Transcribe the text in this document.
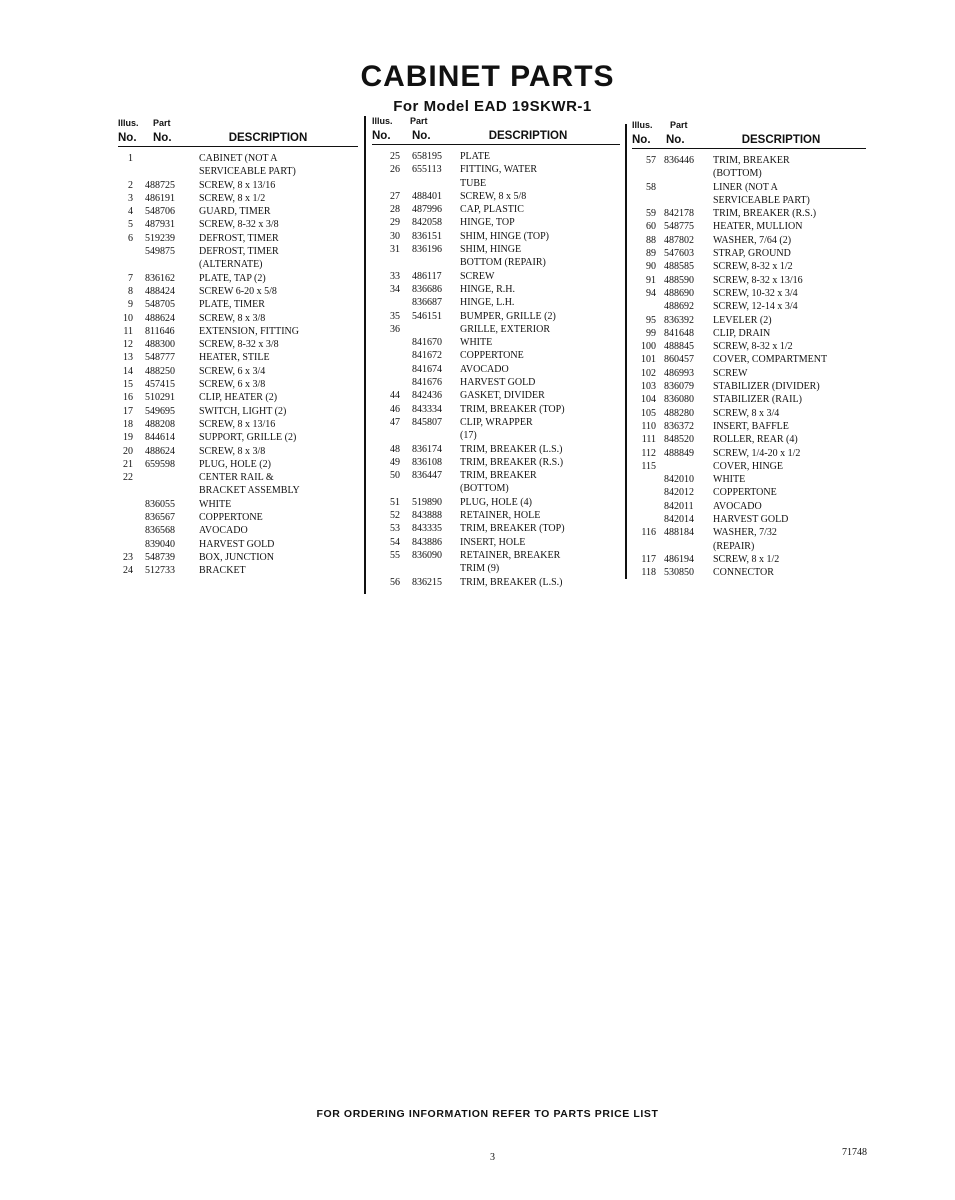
CABINET PARTS
For Model EAD 19SKWR-1
Illus. Part
No. No.	DESCRIPTION
1	CABINET (NOT A
SERVICEABLE PART)
2	488725	SCREW, 8 x 13/16
3	486191	SCREW, 8 x 1/2
4	548706	GUARD, TIMER
5	487931	SCREW, 8-32 x 3/8
6	519239	DEFROST, TIMER
549875	DEFROST, TIMER
(ALTERNATE)
7	836162	PLATE, TAP (2)
8	488424	SCREW 6-20 x 5/8
9	548705	PLATE, TIMER
10	488624	SCREW, 8 x 3/8
11	811646	EXTENSION, FITTING
12	488300	SCREW, 8-32 x 3/8
13	548777	HEATER, STILE
14	488250	SCREW, 6 x 3/4
15	457415	SCREW, 6 x 3/8
16	510291	CLIP, HEATER (2)
17	549695	SWITCH, LIGHT (2)
18	488208	SCREW, 8 x 13/16
19	844614	SUPPORT, GRILLE (2)
20	488624	SCREW, 8 x 3/8
21	659598	PLUG, HOLE (2)
22	CENTER RAIL &
BRACKET ASSEMBLY
836055	WHITE
836567	COPPERTONE
836568	AVOCADO
839040	HARVEST GOLD
23	548739	BOX, JUNCTION
24	512733	BRACKET
Illus. Part
No. No.	DESCRIPTION
25	658195	PLATE
26	655113	FITTING, WATER
TUBE
27	488401	SCREW, 8 x 5/8
28	487996	CAP, PLASTIC
29	842058	HINGE, TOP
30	836151	SHIM, HINGE (TOP)
31	836196	SHIM, HINGE
BOTTOM (REPAIR)
33	486117	SCREW
34	836686	HINGE, R.H.
836687	HINGE, L.H.
35	546151	BUMPER, GRILLE (2)
36	GRILLE, EXTERIOR
841670	WHITE
841672	COPPERTONE
841674	AVOCADO
841676	HARVEST GOLD
44	842436	GASKET, DIVIDER
46	843334	TRIM, BREAKER (TOP)
47	845807	CLIP, WRAPPER
(17)
48	836174	TRIM, BREAKER (L.S.)
49	836108	TRIM, BREAKER (R.S.)
50	836447	TRIM, BREAKER
(BOTTOM)
51	519890	PLUG, HOLE (4)
52	843888	RETAINER, HOLE
53	843335	TRIM, BREAKER (TOP)
54	843886	INSERT, HOLE
55	836090	RETAINER, BREAKER
TRIM (9)
56	836215	TRIM, BREAKER (L.S.)
Illus. Part
No. No.	DESCRIPTION
57 836446	TRIM, BREAKER
(BOTTOM)
58	LINER (NOT A
SERVICEABLE PART)
59 842178	TRIM, BREAKER (R.S.)
60 548775	HEATER, MULLION
88 487802	WASHER, 7/64 (2)
89 547603	STRAP, GROUND
90 488585	SCREW, 8-32 x 1/2
91 488590	SCREW, 8-32 x 13/16
94 488690	SCREW, 10-32 x 3/4
488692	SCREW, 12-14 x 3/4
95 836392	LEVELER (2)
99 841648	CLIP, DRAIN
100 488845	SCREW, 8-32 x 1/2
101 860457	COVER, COMPARTMENT
102 486993	SCREW
103 836079	STABILIZER (DIVIDER)
104 836080	STABILIZER (RAIL)
105 488280	SCREW, 8 x 3/4
110 836372	INSERT, BAFFLE
111 848520	ROLLER, REAR (4)
112 488849	SCREW, 1/4-20 x 1/2
115	COVER, HINGE
842010	WHITE
842012	COPPERTONE
842011	AVOCADO
842014	HARVEST GOLD
116 488184	WASHER, 7/32
(REPAIR)
117 486194	SCREW, 8 x 1/2
118 530850	CONNECTOR
FOR ORDERING INFORMATION REFER TO PARTS PRICE LIST
3	71748
